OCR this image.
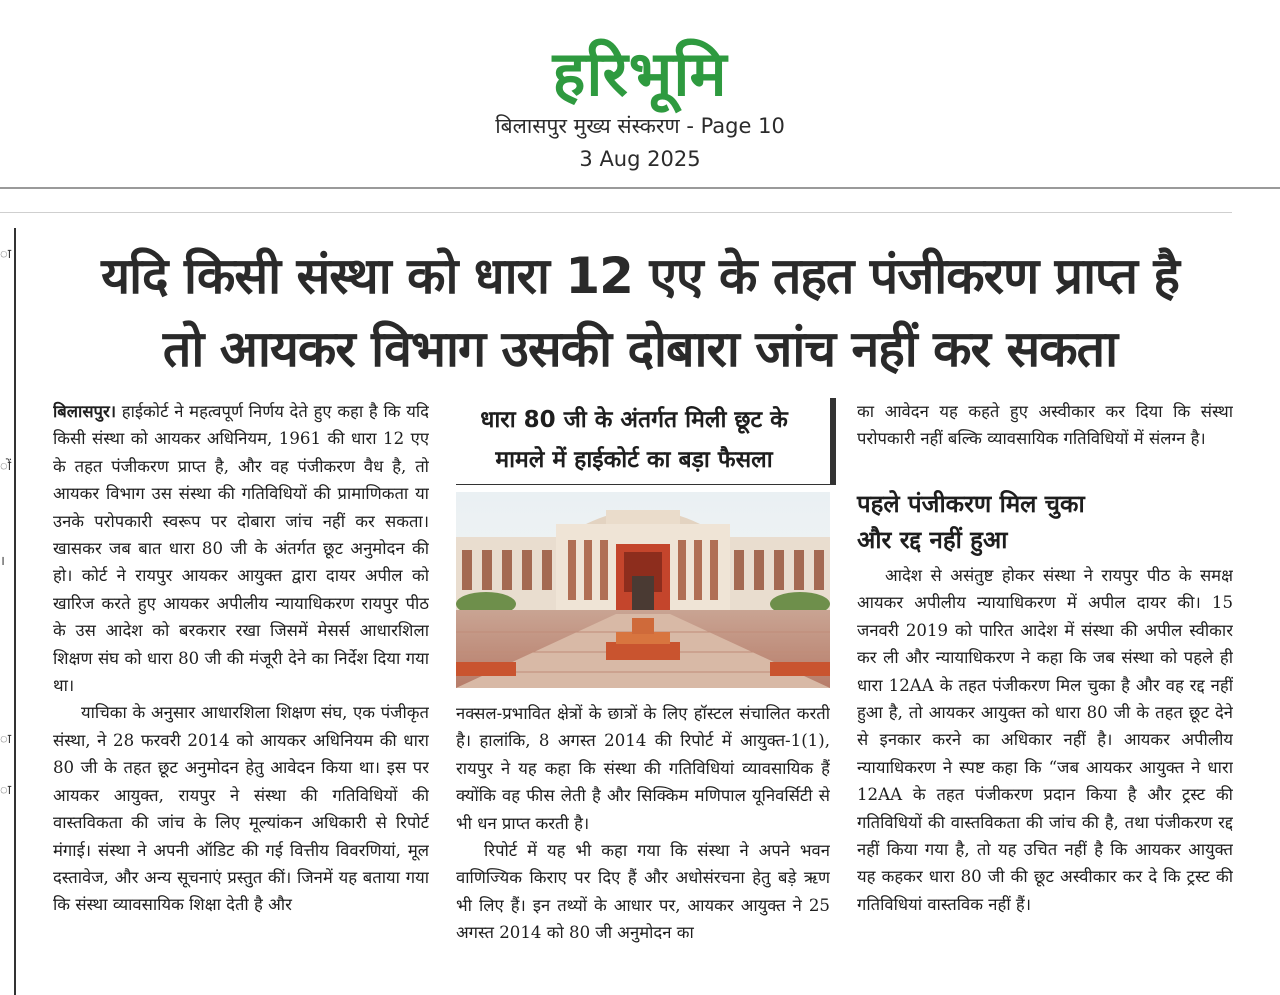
हरिभूमि
बिलासपुर मुख्य संस्करण - Page 10
3 Aug 2025
ा
ों
।
ा
ा
यदि किसी संस्था को धारा 12 एए के तहत पंजीकरण प्राप्त है
तो आयकर विभाग उसकी दोबारा जांच नहीं कर सकता

बिलासपुर। हाईकोर्ट ने महत्वपूर्ण निर्णय देते हुए कहा है कि यदि किसी संस्था को आयकर अधिनियम, 1961 की धारा 12 एए के तहत पंजीकरण प्राप्त है, और वह पंजीकरण वैध है, तो आयकर विभाग उस संस्था की गतिविधियों की प्रामाणिकता या उनके परोपकारी स्वरूप पर दोबारा जांच नहीं कर सकता। खासकर जब बात धारा 80 जी के अंतर्गत छूट अनुमोदन की हो। कोर्ट ने रायपुर आयकर आयुक्त द्वारा दायर अपील को खारिज करते हुए आयकर अपीलीय न्यायाधिकरण रायपुर पीठ के उस आदेश को बरकरार रखा जिसमें मेसर्स आधारशिला शिक्षण संघ को धारा 80 जी की मंजूरी देने का निर्देश दिया गया था।

याचिका के अनुसार आधारशिला शिक्षण संघ, एक पंजीकृत संस्था, ने 28 फरवरी 2014 को आयकर अधिनियम की धारा 80 जी के तहत छूट अनुमोदन हेतु आवेदन किया था। इस पर आयकर आयुक्त, रायपुर ने संस्था की गतिविधियों की वास्तविकता की जांच के लिए मूल्यांकन अधिकारी से रिपोर्ट मंगाई। संस्था ने अपनी ऑडिट की गई वित्तीय विवरणियां, मूल दस्तावेज, और अन्य सूचनाएं प्रस्तुत कीं। जिनमें यह बताया गया कि संस्था व्यावसायिक शिक्षा देती है और

धारा 80 जी के अंतर्गत मिली छूट के
मामले में हाईकोर्ट का बड़ा फैसला

नक्सल-प्रभावित क्षेत्रों के छात्रों के लिए हॉस्टल संचालित करती है। हालांकि, 8 अगस्त 2014 की रिपोर्ट में आयुक्त-1(1), रायपुर ने यह कहा कि संस्था की गतिविधियां व्यावसायिक हैं क्योंकि वह फीस लेती है और सिक्किम मणिपाल यूनिवर्सिटी से भी धन प्राप्त करती है।

रिपोर्ट में यह भी कहा गया कि संस्था ने अपने भवन वाणिज्यिक किराए पर दिए हैं और अधोसंरचना हेतु बड़े ऋण भी लिए हैं। इन तथ्यों के आधार पर, आयकर आयुक्त ने 25 अगस्त 2014 को 80 जी अनुमोदन का

का आवेदन यह कहते हुए अस्वीकार कर दिया कि संस्था परोपकारी नहीं बल्कि व्यावसायिक गतिविधियों में संलग्न है।

पहले पंजीकरण मिल चुका
और रद्द नहीं हुआ

आदेश से असंतुष्ट होकर संस्था ने रायपुर पीठ के समक्ष आयकर अपीलीय न्यायाधिकरण में अपील दायर की। 15 जनवरी 2019 को पारित आदेश में संस्था की अपील स्वीकार कर ली और न्यायाधिकरण ने कहा कि जब संस्था को पहले ही धारा 12AA के तहत पंजीकरण मिल चुका है और वह रद्द नहीं हुआ है, तो आयकर आयुक्त को धारा 80 जी के तहत छूट देने से इनकार करने का अधिकार नहीं है। आयकर अपीलीय न्यायाधिकरण ने स्पष्ट कहा कि “जब आयकर आयुक्त ने धारा 12AA के तहत पंजीकरण प्रदान किया है और ट्रस्ट की गतिविधियों की वास्तविकता की जांच की है, तथा पंजीकरण रद्द नहीं किया गया है, तो यह उचित नहीं है कि आयकर आयुक्त यह कहकर धारा 80 जी की छूट अस्वीकार कर दे कि ट्रस्ट की गतिविधियां वास्तविक नहीं हैं।
